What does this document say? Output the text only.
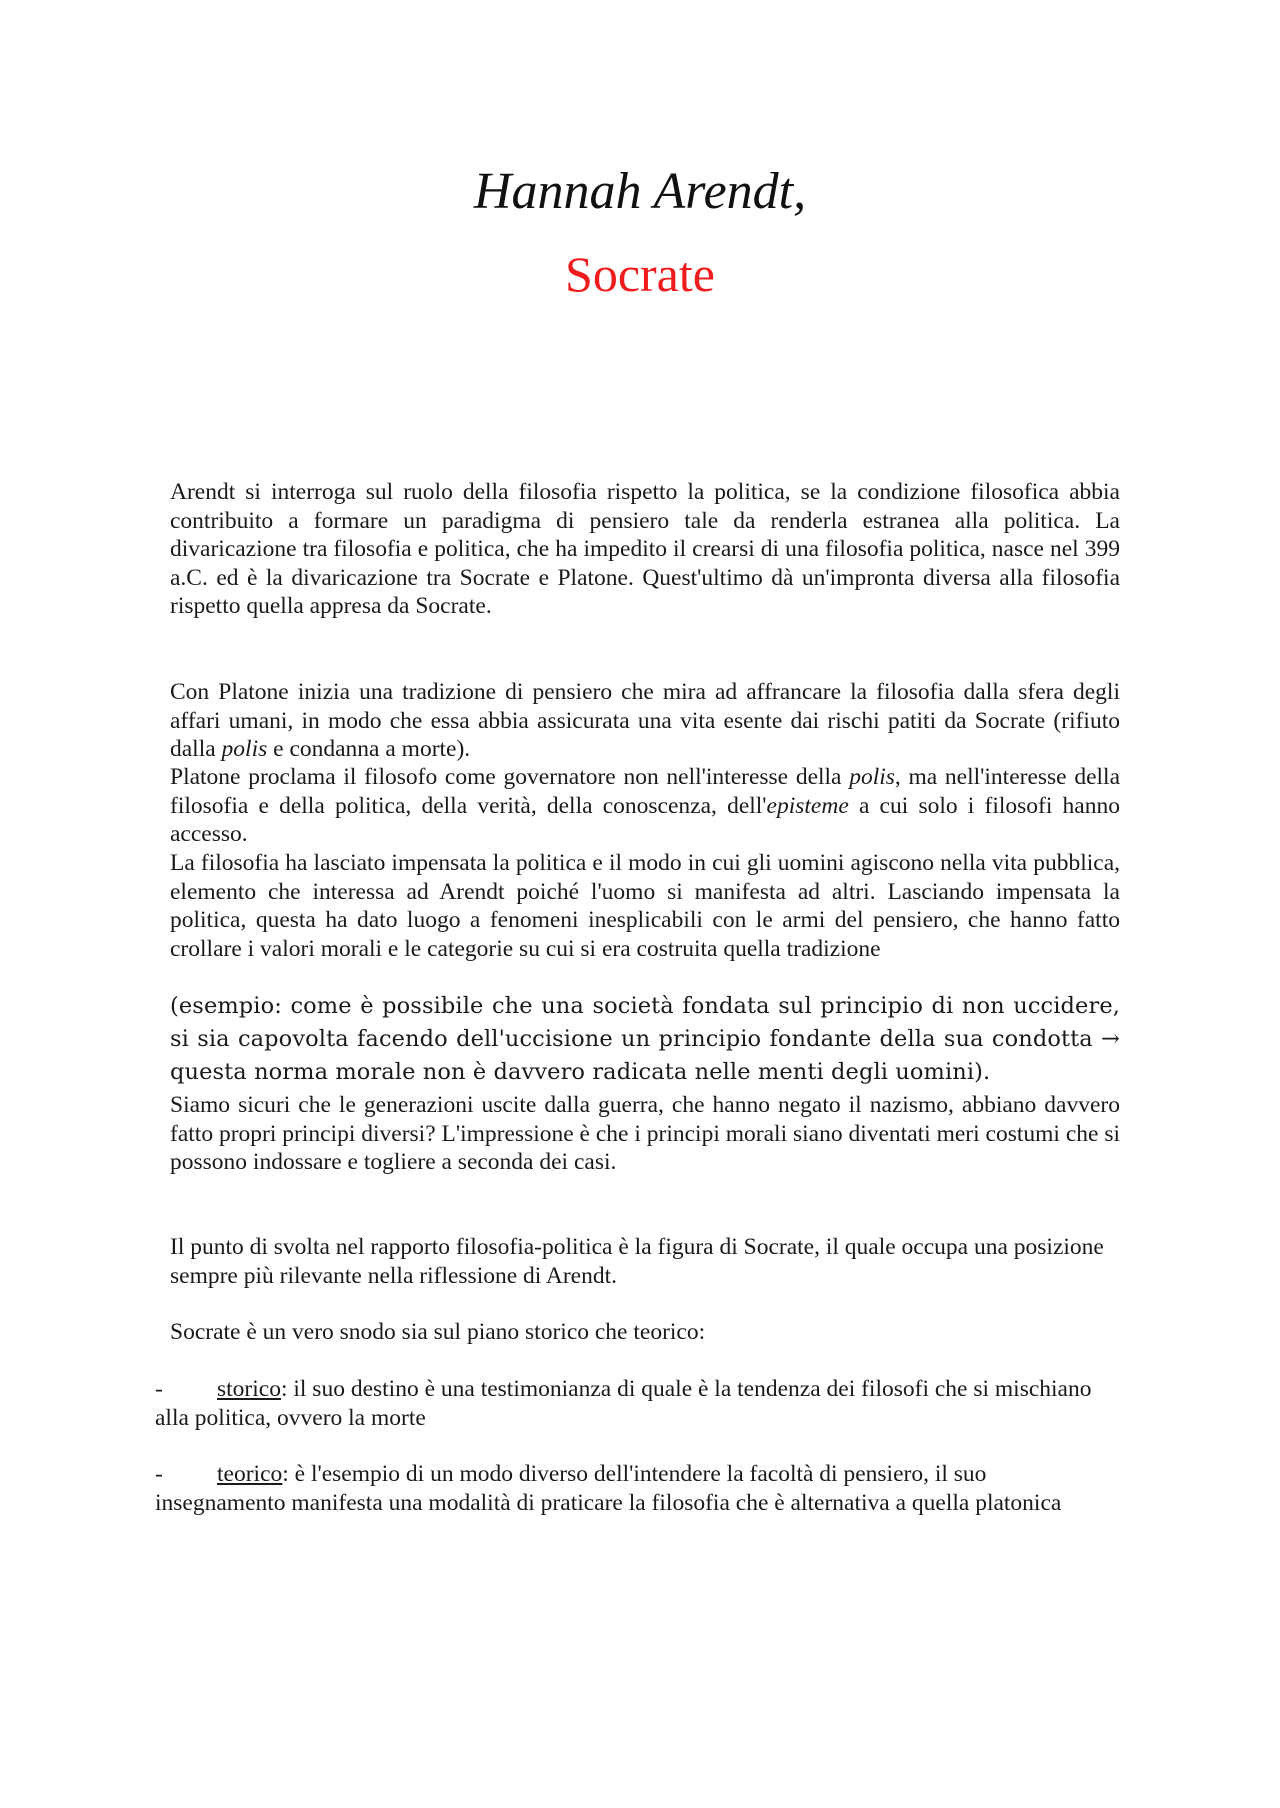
Hannah Arendt,
Socrate

Arendt si interroga sul ruolo della filosofia rispetto la politica, se la condizione filosofica abbia contribuito a formare un paradigma di pensiero tale da renderla estranea alla politica. La divaricazione tra filosofia e politica, che ha impedito il crearsi di una filosofia politica, nasce nel 399 a.C. ed è la divaricazione tra Socrate e Platone. Quest'ultimo dà un'impronta diversa alla filosofia rispetto quella appresa da Socrate.

Con Platone inizia una tradizione di pensiero che mira ad affrancare la filosofia dalla sfera degli affari umani, in modo che essa abbia assicurata una vita esente dai rischi patiti da Socrate (rifiuto dalla polis e condanna a morte).

Platone proclama il filosofo come governatore non nell'interesse della polis, ma nell'interesse della filosofia e della politica, della verità, della conoscenza, dell'episteme a cui solo i filosofi hanno accesso.

La filosofia ha lasciato impensata la politica e il modo in cui gli uomini agiscono nella vita pubblica, elemento che interessa ad Arendt poiché l'uomo si manifesta ad altri. Lasciando impensata la politica, questa ha dato luogo a fenomeni inesplicabili con le armi del pensiero, che hanno fatto crollare i valori morali e le categorie su cui si era costruita quella tradizione

(esempio: come è possibile che una società fondata sul principio di non uccidere, si sia capovolta facendo dell'uccisione un principio fondante della sua condotta → questa norma morale non è davvero radicata nelle menti degli uomini).

Siamo sicuri che le generazioni uscite dalla guerra, che hanno negato il nazismo, abbiano davvero fatto propri principi diversi? L'impressione è che i principi morali siano diventati meri costumi che si possono indossare e togliere a seconda dei casi.

Il punto di svolta nel rapporto filosofia-politica è la figura di Socrate, il quale occupa una posizione sempre più rilevante nella riflessione di Arendt.

Socrate è un vero snodo sia sul piano storico che teorico:

- storico: il suo destino è una testimonianza di quale è la tendenza dei filosofi che si mischiano alla politica, ovvero la morte

- teorico: è l'esempio di un modo diverso dell'intendere la facoltà di pensiero, il suo insegnamento manifesta una modalità di praticare la filosofia che è alternativa a quella platonica
